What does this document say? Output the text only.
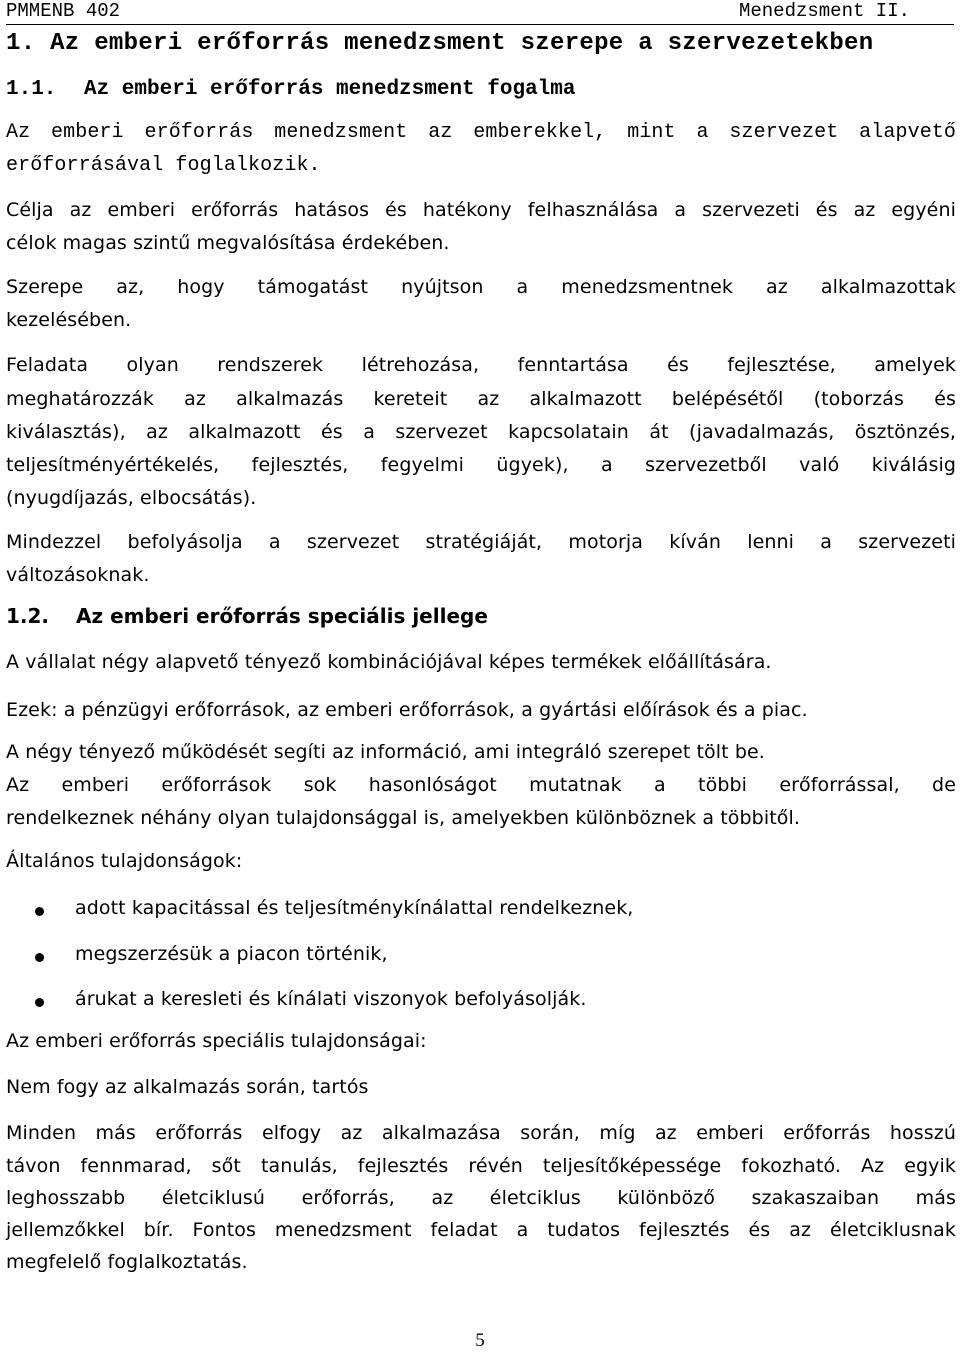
PMMENB 402	Menedzsment II.
1. Az emberi erőforrás menedzsment szerepe a szervezetekben
1.1. Az emberi erőforrás menedzsment fogalma
Az emberi erőforrás menedzsment az emberekkel, mint a szervezet alapvető
erőforrásával foglalkozik.
Célja az emberi erőforrás hatásos és hatékony felhasználása a szervezeti és az egyéni
célok magas szintű megvalósítása érdekében.
Szerepe az, hogy támogatást nyújtson a menedzsmentnek az alkalmazottak
kezelésében.
Feladata olyan rendszerek létrehozása, fenntartása és fejlesztése, amelyek
meghatározzák az alkalmazás kereteit az alkalmazott belépésétől (toborzás és
kiválasztás), az alkalmazott és a szervezet kapcsolatain át (javadalmazás, ösztönzés,
teljesítményértékelés, fejlesztés, fegyelmi ügyek), a szervezetből való kiválásig
(nyugdíjazás, elbocsátás).
Mindezzel befolyásolja a szervezet stratégiáját, motorja kíván lenni a szervezeti
változásoknak.
1.2. Az emberi erőforrás speciális jellege
A vállalat négy alapvető tényező kombinációjával képes termékek előállítására.
Ezek: a pénzügyi erőforrások, az emberi erőforrások, a gyártási előírások és a piac.
A négy tényező működését segíti az információ, ami integráló szerepet tölt be.
Az emberi erőforrások sok hasonlóságot mutatnak a többi erőforrással, de
rendelkeznek néhány olyan tulajdonsággal is, amelyekben különböznek a többitől.
Általános tulajdonságok:
adott kapacitással és teljesítménykínálattal rendelkeznek,
megszerzésük a piacon történik,
árukat a keresleti és kínálati viszonyok befolyásolják.
Az emberi erőforrás speciális tulajdonságai:
Nem fogy az alkalmazás során, tartós
Minden más erőforrás elfogy az alkalmazása során, míg az emberi erőforrás hosszú
távon fennmarad, sőt tanulás, fejlesztés révén teljesítőképessége fokozható. Az egyik
leghosszabb életciklusú erőforrás, az életciklus különböző szakaszaiban más
jellemzőkkel bír. Fontos menedzsment feladat a tudatos fejlesztés és az életciklusnak
megfelelő foglalkoztatás.
5
